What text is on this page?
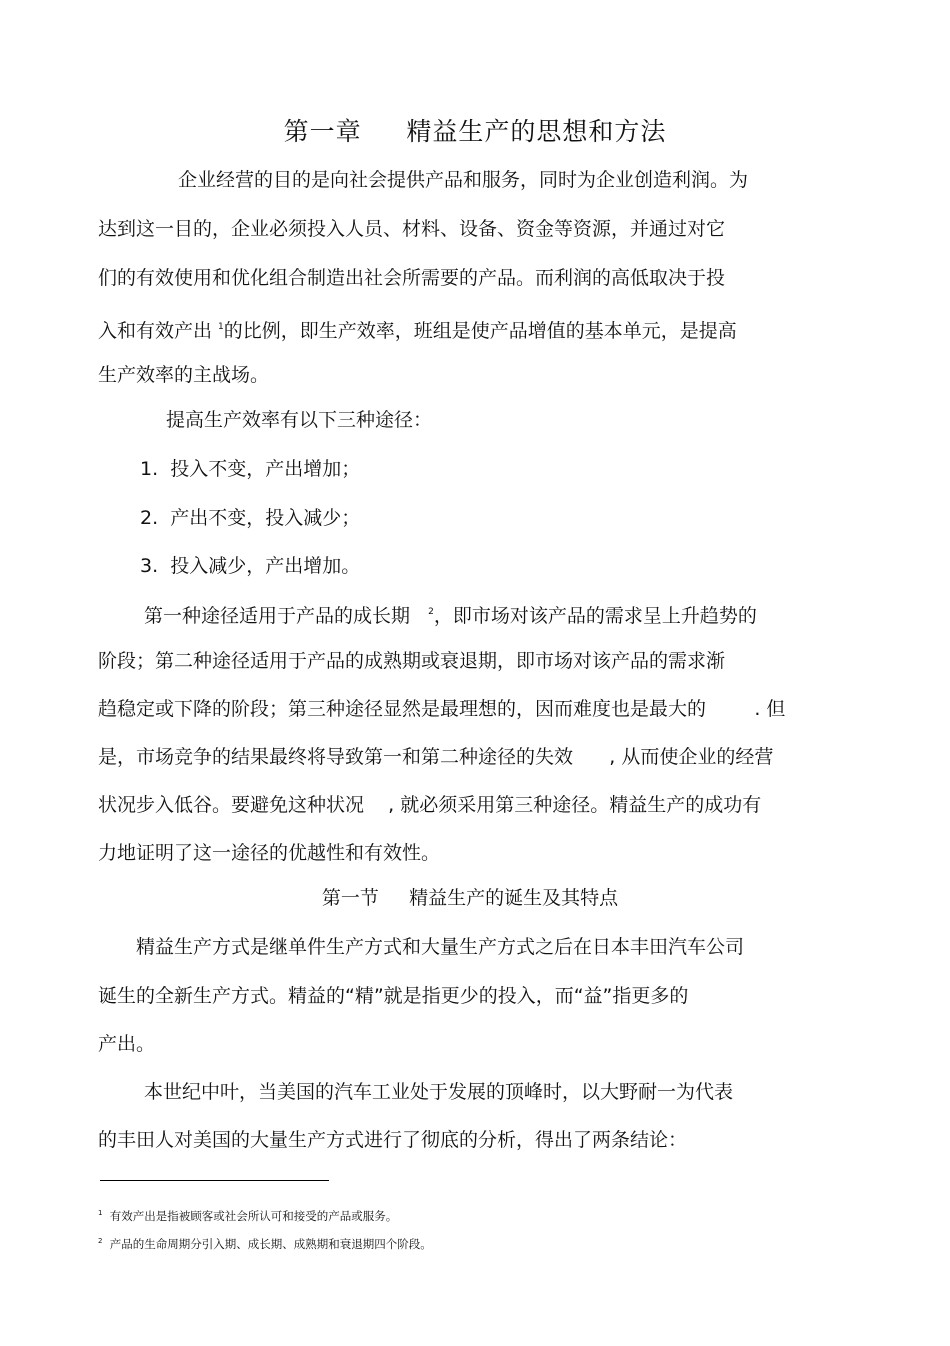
第一章     精益生产的思想和方法
企业经营的目的是向社会提供产品和服务，同时为企业创造利润。为
达到这一目的，企业必须投入人员、材料、设备、资金等资源，并通过对它
们的有效使用和优化组合制造出社会所需要的产品。而利润的高低取决于投
入和有效产出 $^1$的比例，即生产效率，班组是使产品增值的基本单元，是提高
生产效率的主战场。
提高生产效率有以下三种途径：
1.  投入不变，产出增加；
2.  产出不变，投入减少；
3.  投入减少，产出增加。
第一种途径适用于产品的成长期   $^2$，即市场对该产品的需求呈上升趋势的
阶段；第二种途径适用于产品的成熟期或衰退期，即市场对该产品的需求渐
趋稳定或下降的阶段；第三种途径显然是最理想的，因而难度也是最大的        . 但
是，市场竞争的结果最终将导致第一和第二种途径的失效      , 从而使企业的经营
状况步入低谷。要避免这种状况    , 就必须采用第三种途径。精益生产的成功有
力地证明了这一途径的优越性和有效性。
第一节     精益生产的诞生及其特点
精益生产方式是继单件生产方式和大量生产方式之后在日本丰田汽车公司
诞生的全新生产方式。精益的“精”就是指更少的投入，而“益”指更多的
产出。
本世纪中叶，当美国的汽车工业处于发展的顶峰时，以大野耐一为代表
的丰田人对美国的大量生产方式进行了彻底的分析，得出了两条结论：
$^1$ 有效产出是指被顾客或社会所认可和接受的产品或服务。
$^2$ 产品的生命周期分引入期、成长期、成熟期和衰退期四个阶段。
